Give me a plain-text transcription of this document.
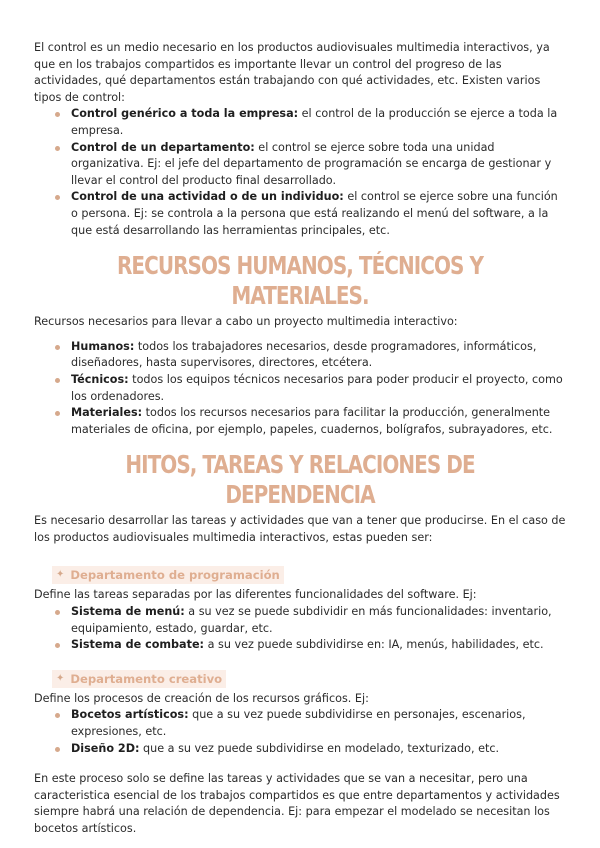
El control es un medio necesario en los productos audiovisuales multimedia interactivos, ya que en los trabajos compartidos es importante llevar un control del progreso de las actividades, qué departamentos están trabajando con qué actividades, etc. Existen varios tipos de control:

Control genérico a toda la empresa: el control de la producción se ejerce a toda la empresa.
Control de un departamento: el control se ejerce sobre toda una unidad organizativa. Ej: el jefe del departamento de programación se encarga de gestionar y llevar el control del producto final desarrollado.
Control de una actividad o de un individuo: el control se ejerce sobre una función o persona. Ej: se controla a la persona que está realizando el menú del software, a la que está desarrollando las herramientas principales, etc.
RECURSOS HUMANOS, TÉCNICOS Y MATERIALES.

Recursos necesarios para llevar a cabo un proyecto multimedia interactivo:

Humanos: todos los trabajadores necesarios, desde programadores, informáticos, diseñadores, hasta supervisores, directores, etcétera.
Técnicos: todos los equipos técnicos necesarios para poder producir el proyecto, como los ordenadores.
Materiales: todos los recursos necesarios para facilitar la producción, generalmente materiales de oficina, por ejemplo, papeles, cuadernos, bolígrafos, subrayadores, etc.
HITOS, TAREAS Y RELACIONES DE DEPENDENCIA

Es necesario desarrollar las tareas y actividades que van a tener que producirse. En el caso de los productos audiovisuales multimedia interactivos, estas pueden ser:

✦ Departamento de programación

Define las tareas separadas por las diferentes funcionalidades del software. Ej:

Sistema de menú: a su vez se puede subdividir en más funcionalidades: inventario, equipamiento, estado, guardar, etc.
Sistema de combate: a su vez puede subdividirse en: IA, menús, habilidades, etc.
✦ Departamento creativo

Define los procesos de creación de los recursos gráficos. Ej:

Bocetos artísticos: que a su vez puede subdividirse en personajes, escenarios, expresiones, etc.
Diseño 2D: que a su vez puede subdividirse en modelado, texturizado, etc.

En este proceso solo se define las tareas y actividades que se van a necesitar, pero una caracteristica esencial de los trabajos compartidos es que entre departamentos y actividades siempre habrá una relación de dependencia. Ej: para empezar el modelado se necesitan los bocetos artísticos.
